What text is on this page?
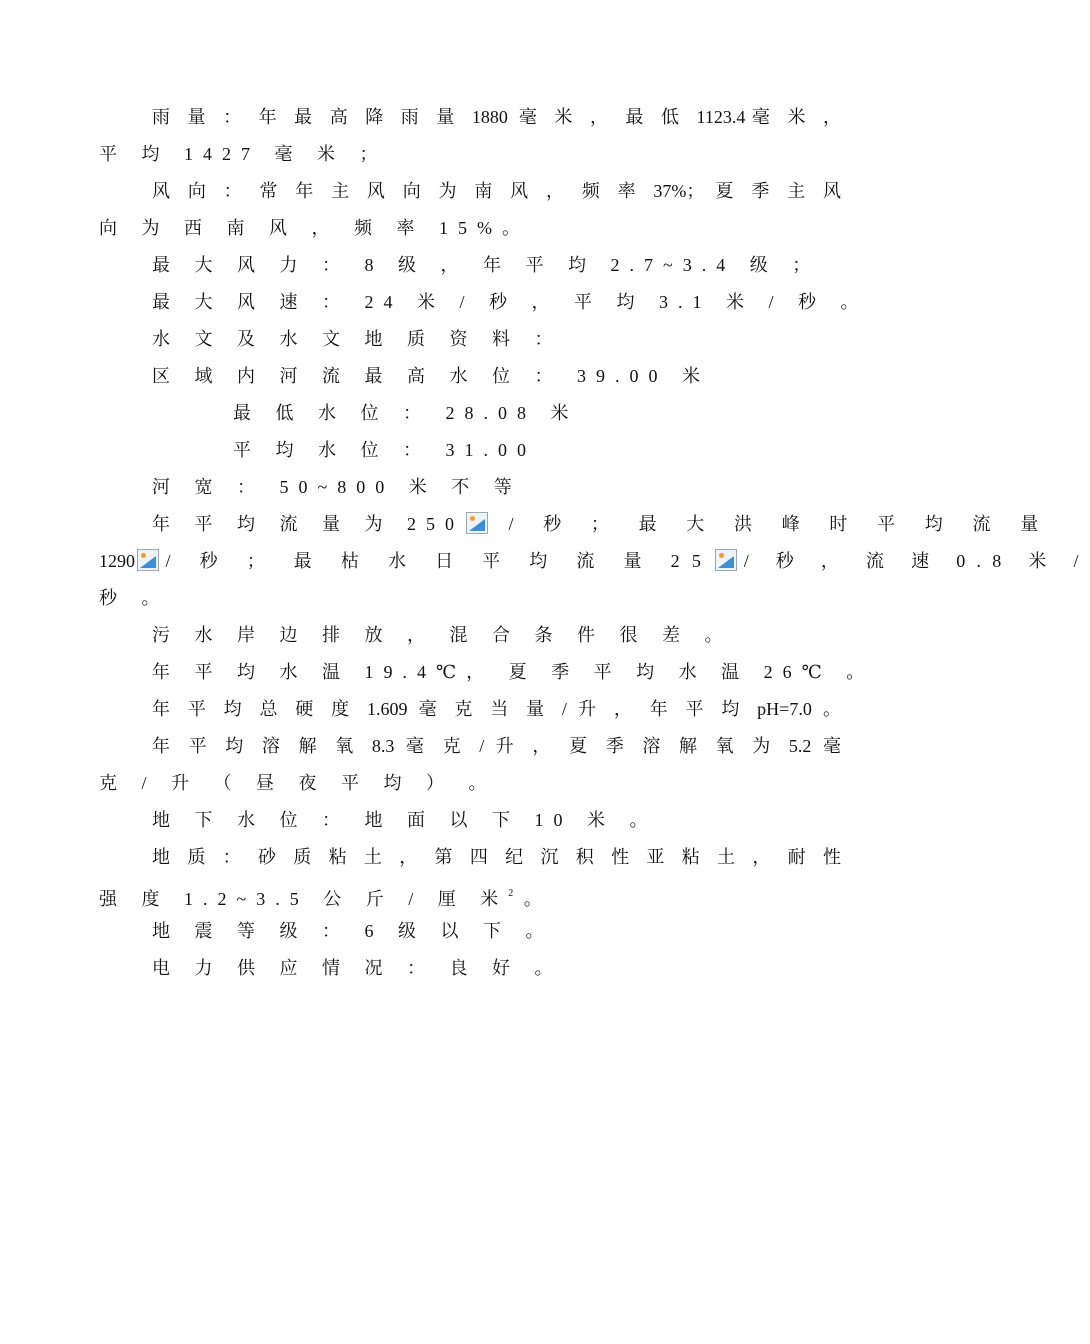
雨 量 ： 年 最 高 降 雨 量 1880 毫 米 ， 最 低 1123.4毫 米 ，
平 均 1427 毫 米 ；
风 向 ： 常 年 主 风 向 为 南 风 ， 频 率 37%； 夏 季 主 风
向 为 西 南 风 ， 频 率 15%。
最 大 风 力 ： 8 级 ， 年 平 均 2.7~3.4 级 ；
最 大 风 速 ： 24 米 / 秒 ， 平 均 3.1 米 / 秒 。
水 文 及 水 文 地 质 资 料 ：
区 域 内 河 流 最 高 水 位 ： 39.00 米
最 低 水 位 ： 28.08 米
平 均 水 位 ： 31.00
河 宽 ： 50~800 米 不 等
年 平 均 流 量 为 250 / 秒 ； 最 大 洪 峰 时 平 均 流 量
1290 / 秒 ； 最 枯 水 日 平 均 流 量 25 / 秒 ， 流 速 0.8 米 /
秒 。
污 水 岸 边 排 放 ， 混 合 条 件 很 差 。
年 平 均 水 温 19.4℃， 夏 季 平 均 水 温 26℃ 。
年 平 均 总 硬 度 1.609 毫 克 当 量 / 升 ， 年 平 均 pH=7.0 。
年 平 均 溶 解 氧 8.3 毫 克 / 升 ， 夏 季 溶 解 氧 为 5.2 毫
克 / 升 （ 昼 夜 平 均 ） 。
地 下 水 位 ： 地 面 以 下 10 米 。
地 质 ： 砂 质 粘 土 ， 第 四 纪 沉 积 性 亚 粘 土 ， 耐 性
强 度 1.2~3.5 公 斤 / 厘 米$^2$ 。
地 震 等 级 ： 6 级 以 下 。
电 力 供 应 情 况 ： 良 好 。
